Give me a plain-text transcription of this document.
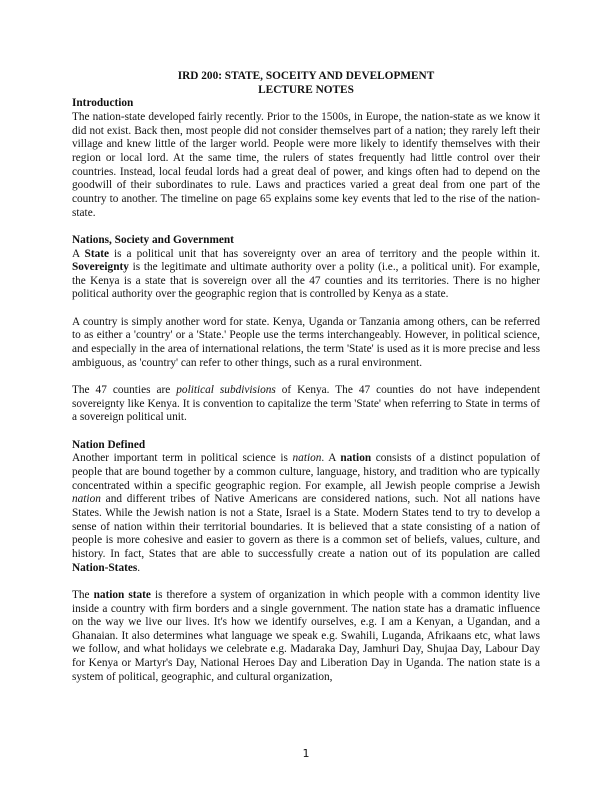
IRD 200: STATE, SOCEITY AND DEVELOPMENT
LECTURE NOTES
Introduction

The nation-state developed fairly recently. Prior to the 1500s, in Europe, the nation-state as we know it did not exist. Back then, most people did not consider themselves part of a nation; they rarely left their village and knew little of the larger world. People were more likely to identify themselves with their region or local lord. At the same time, the rulers of states frequently had little control over their countries. Instead, local feudal lords had a great deal of power, and kings often had to depend on the goodwill of their subordinates to rule. Laws and practices varied a great deal from one part of the country to another. The timeline on page 65 explains some key events that led to the rise of the nation-state.

Nations, Society and Government

A State is a political unit that has sovereignty over an area of territory and the people within it. Sovereignty is the legitimate and ultimate authority over a polity (i.e., a political unit). For example, the Kenya is a state that is sovereign over all the 47 counties and its territories. There is no higher political authority over the geographic region that is controlled by Kenya as a state.

A country is simply another word for state. Kenya, Uganda or Tanzania among others, can be referred to as either a 'country' or a 'State.' People use the terms interchangeably. However, in political science, and especially in the area of international relations, the term 'State' is used as it is more precise and less ambiguous, as 'country' can refer to other things, such as a rural environment.

The 47 counties are political subdivisions of Kenya. The 47 counties do not have independent sovereignty like Kenya. It is convention to capitalize the term 'State' when referring to State in terms of a sovereign political unit.

Nation Defined

Another important term in political science is nation. A nation consists of a distinct population of people that are bound together by a common culture, language, history, and tradition who are typically concentrated within a specific geographic region. For example, all Jewish people comprise a Jewish nation and different tribes of Native Americans are considered nations, such. Not all nations have States. While the Jewish nation is not a State, Israel is a State. Modern States tend to try to develop a sense of nation within their territorial boundaries. It is believed that a state consisting of a nation of people is more cohesive and easier to govern as there is a common set of beliefs, values, culture, and history. In fact, States that are able to successfully create a nation out of its population are called Nation-States.

The nation state is therefore a system of organization in which people with a common identity live inside a country with firm borders and a single government. The nation state has a dramatic influence on the way we live our lives. It's how we identify ourselves, e.g. I am a Kenyan, a Ugandan, and a Ghanaian. It also determines what language we speak e.g. Swahili, Luganda, Afrikaans etc, what laws we follow, and what holidays we celebrate e.g. Madaraka Day, Jamhuri Day, Shujaa Day, Labour Day for Kenya or Martyr's Day, National Heroes Day and Liberation Day in Uganda. The nation state is a system of political, geographic, and cultural organization,

1
